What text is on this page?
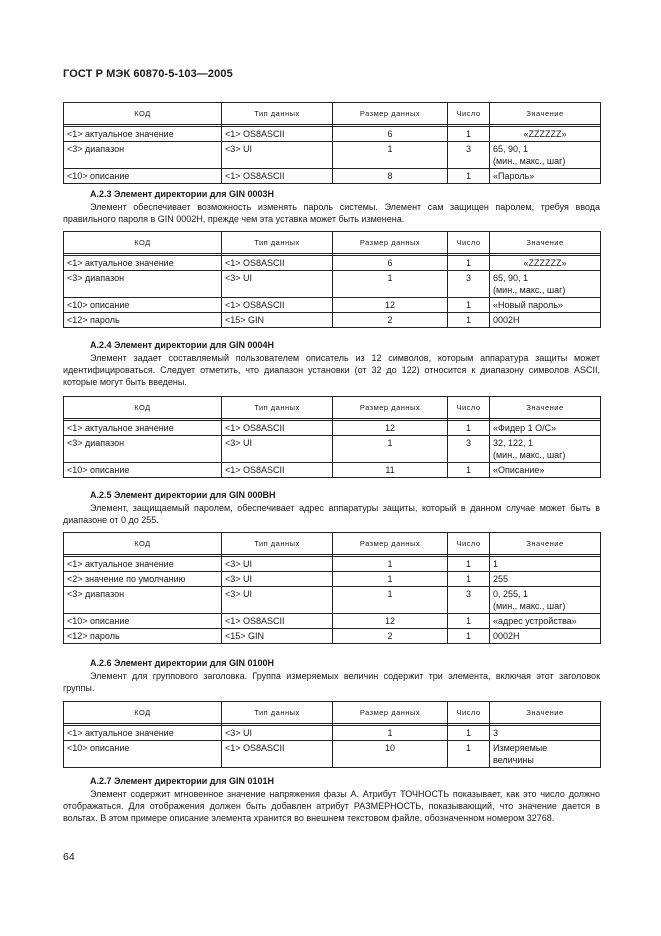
ГОСТ Р МЭК 60870-5-103—2005
КОД	Тип данных	Размер данных	Число	Значение

<1> актуальное значение	<1> OS8ASCII	6	1	«ZZZZZZ»

<3> диапазон	<3> UI	1	3	65, 90, 1
(мин., макс., шаг)

<10> описание	<1> OS8ASCII	8	1	«Пароль»
А.2.3 Элемент директории для GIN 0003H
Элемент обеспечивает возможность изменять пароль системы. Элемент сам защищен паролем, требуя ввода правильного пароля в GIN 0002H, прежде чем эта уставка может быть изменена.
КОД	Тип данных	Размер данных	Число	Значение

<1> актуальное значение	<1> OS8ASCII	6	1	«ZZZZZZ»

<3> диапазон	<3> UI	1	3	65, 90, 1
(мин., макс., шаг)

<10> описание	<1> OS8ASCII	12	1	«Новый пароль»

<12> пароль	<15> GIN	2	1	0002H
А.2.4 Элемент директории для GIN 0004H
Элемент задает составляемый пользователем описатель из 12 символов, которым аппаратура защиты может идентифицироваться. Следует отметить, что диапазон установки (от 32 до 122) относится к диапазону символов ASCII, которые могут быть введены.
КОД	Тип данных	Размер данных	Число	Значение

<1> актуальное значение	<1> OS8ASCII	12	1	«Фидер 1 О/С»

<3> диапазон	<3> UI	1	3	32, 122, 1
(мин., макс., шаг)

<10> описание	<1> OS8ASCII	11	1	«Описание»
А.2.5 Элемент директории для GIN 000BH
Элемент, защищаемый паролем, обеспечивает адрес аппаратуры защиты, который в данном случае может быть в диапазоне от 0 до 255.
КОД	Тип данных	Размер данных	Число	Значение

<1> актуальное значение	<3> UI	1	1	1

<2> значение по умолчанию	<3> UI	1	1	255

<3> диапазон	<3> UI	1	3	0, 255, 1
(мин., макс., шаг)

<10> описание	<1> OS8ASCII	12	1	«адрес устройства»

<12> пароль	<15> GIN	2	1	0002H
А.2.6 Элемент директории для GIN 0100H
Элемент для группового заголовка. Группа измеряемых величин содержит три элемента, включая этот заголовок группы.
КОД	Тип данных	Размер данных	Число	Значение

<1> актуальное значение	<3> UI	1	1	3

<10> описание	<1> OS8ASCII	10	1	Измеряемые
величины
А.2.7 Элемент директории для GIN 0101H
Элемент содержит мгновенное значение напряжения фазы А. Атрибут ТОЧНОСТЬ показывает, как это число должно отображаться. Для отображения должен быть добавлен атрибут РАЗМЕРНОСТЬ, показывающий, что значение дается в вольтах. В этом примере описание элемента хранится во внешнем текстовом файле, обозначенном номером 32768.
64
